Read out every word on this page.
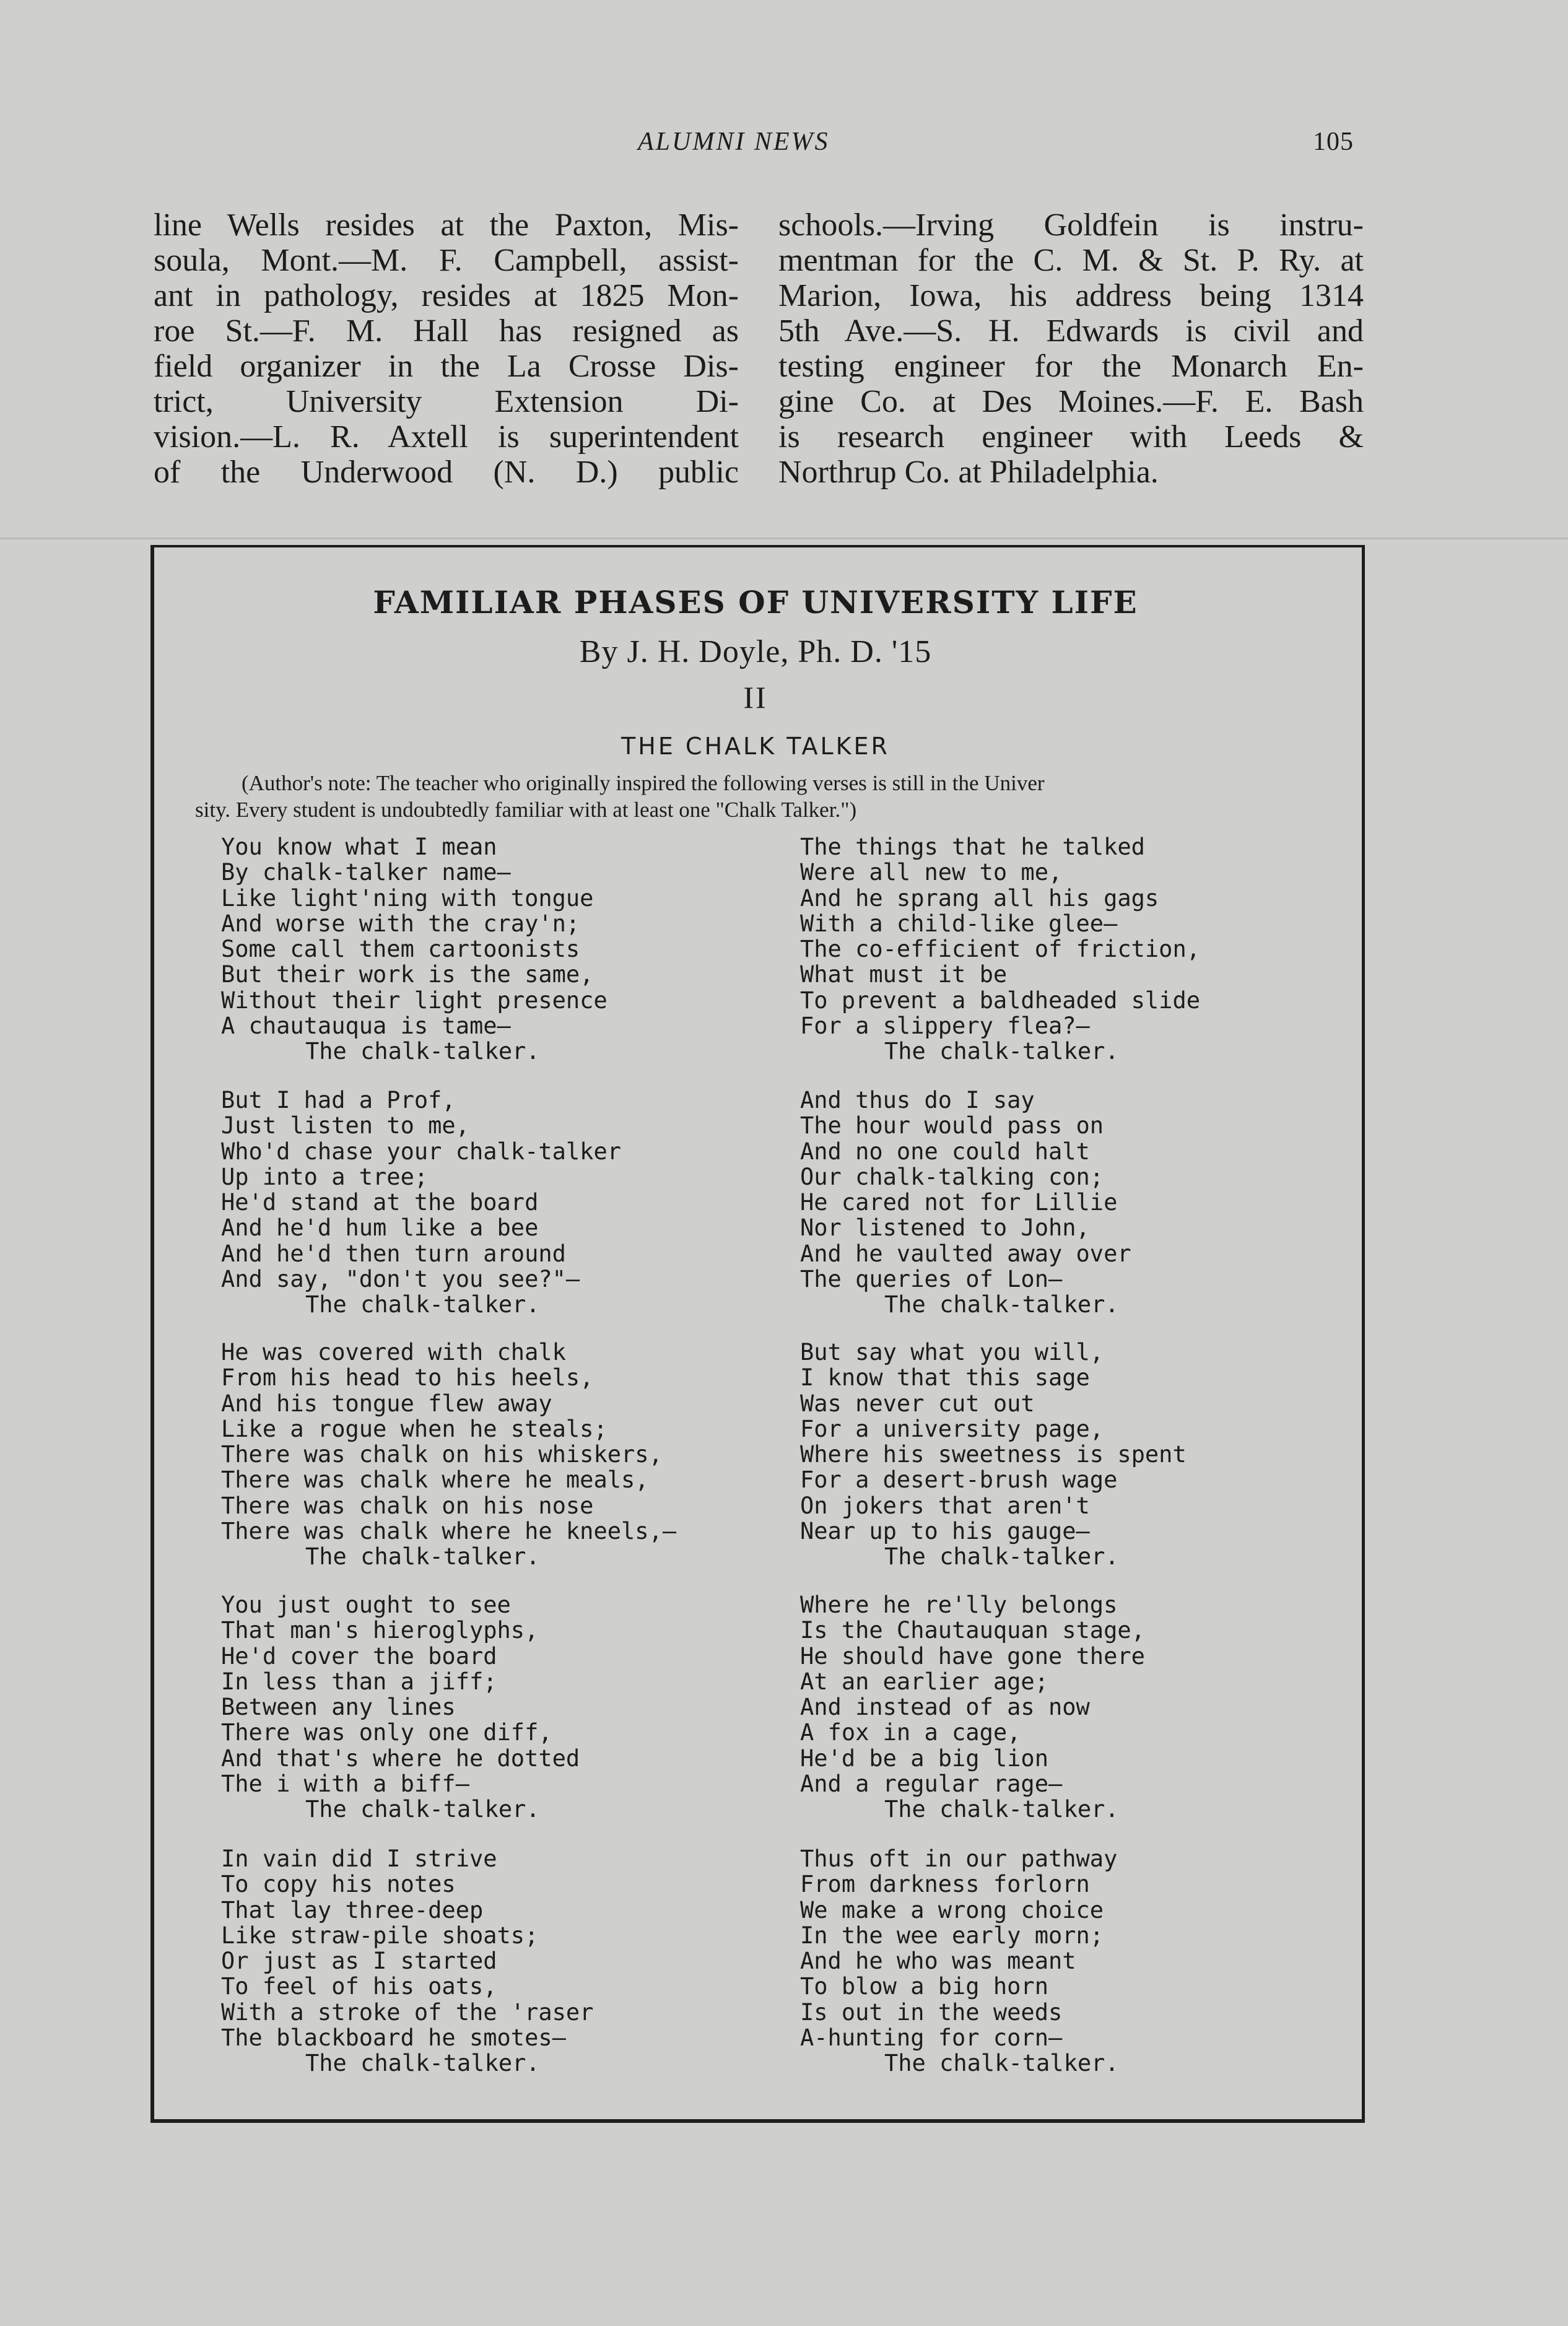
ALUMNI NEWS	105
line Wells resides at the Paxton, Mis-
soula, Mont.—M. F. Campbell, assist-
ant in pathology, resides at 1825 Mon-
roe St.—F. M. Hall has resigned as
field organizer in the La Crosse Dis-
trict, University Extension Di-
vision.—L. R. Axtell is superintendent
of the Underwood (N. D.) public
schools.—Irving Goldfein is instru-
mentman for the C. M. & St. P. Ry. at
Marion, Iowa, his address being 1314
5th Ave.—S. H. Edwards is civil and
testing engineer for the Monarch En-
gine Co. at Des Moines.—F. E. Bash
is research engineer with Leeds &
Northrup Co. at Philadelphia.
FAMILIAR PHASES OF UNIVERSITY LIFE
By J. H. Doyle, Ph. D. '15
II
THE CHALK TALKER
(Author's note: The teacher who originally inspired the following verses is still in the Univer
sity. Every student is undoubtedly familiar with at least one "Chalk Talker.")
You know what I mean
By chalk-talker name—
Like light'ning with tongue
And worse with the cray'n;
Some call them cartoonists
But their work is the same,
Without their light presence
A chautauqua is tame—
The chalk-talker.
But I had a Prof,
Just listen to me,
Who'd chase your chalk-talker
Up into a tree;
He'd stand at the board
And he'd hum like a bee
And he'd then turn around
And say, "don't you see?"—
The chalk-talker.
He was covered with chalk
From his head to his heels,
And his tongue flew away
Like a rogue when he steals;
There was chalk on his whiskers,
There was chalk where he meals,
There was chalk on his nose
There was chalk where he kneels,—
The chalk-talker.
You just ought to see
That man's hieroglyphs,
He'd cover the board
In less than a jiff;
Between any lines
There was only one diff,
And that's where he dotted
The i with a biff—
The chalk-talker.
In vain did I strive
To copy his notes
That lay three-deep
Like straw-pile shoats;
Or just as I started
To feel of his oats,
With a stroke of the 'raser
The blackboard he smotes—
The chalk-talker.
The things that he talked
Were all new to me,
And he sprang all his gags
With a child-like glee—
The co-efficient of friction,
What must it be
To prevent a baldheaded slide
For a slippery flea?—
The chalk-talker.
And thus do I say
The hour would pass on
And no one could halt
Our chalk-talking con;
He cared not for Lillie
Nor listened to John,
And he vaulted away over
The queries of Lon—
The chalk-talker.
But say what you will,
I know that this sage
Was never cut out
For a university page,
Where his sweetness is spent
For a desert-brush wage
On jokers that aren't
Near up to his gauge—
The chalk-talker.
Where he re'lly belongs
Is the Chautauquan stage,
He should have gone there
At an earlier age;
And instead of as now
A fox in a cage,
He'd be a big lion
And a regular rage—
The chalk-talker.
Thus oft in our pathway
From darkness forlorn
We make a wrong choice
In the wee early morn;
And he who was meant
To blow a big horn
Is out in the weeds
A-hunting for corn—
The chalk-talker.
